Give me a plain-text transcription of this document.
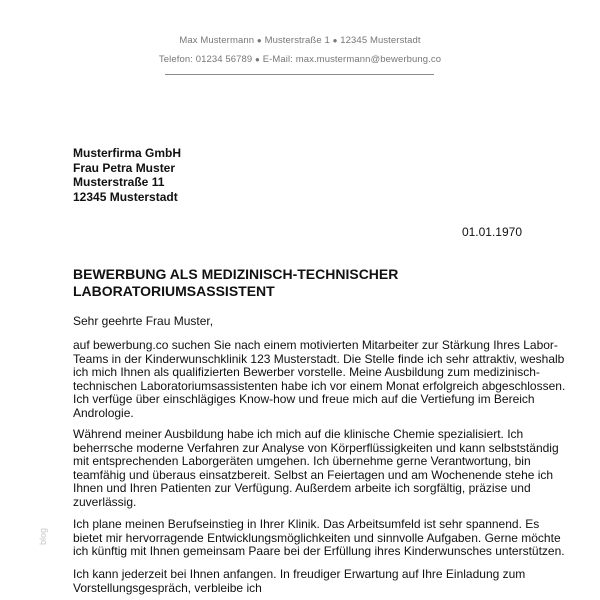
Max Mustermann ● Musterstraße 1 ● 12345 Musterstadt
Telefon: 01234 56789 ● E-Mail: max.mustermann@bewerbung.co
Musterfirma GmbH
Frau Petra Muster
Musterstraße 11
12345 Musterstadt
01.01.1970
BEWERBUNG ALS MEDIZINISCH-TECHNISCHER
LABORATORIUMSASSISTENT
Sehr geehrte Frau Muster,
auf bewerbung.co suchen Sie nach einem motivierten Mitarbeiter zur Stärkung Ihres Labor-
Teams in der Kinderwunschklinik 123 Musterstadt. Die Stelle finde ich sehr attraktiv, weshalb
ich mich Ihnen als qualifizierten Bewerber vorstelle. Meine Ausbildung zum medizinisch-
technischen Laboratoriumsassistenten habe ich vor einem Monat erfolgreich abgeschlossen.
Ich verfüge über einschlägiges Know-how und freue mich auf die Vertiefung im Bereich
Andrologie.
Während meiner Ausbildung habe ich mich auf die klinische Chemie spezialisiert. Ich
beherrsche moderne Verfahren zur Analyse von Körperflüssigkeiten und kann selbstständig
mit entsprechenden Laborgeräten umgehen. Ich übernehme gerne Verantwortung, bin
teamfähig und überaus einsatzbereit. Selbst an Feiertagen und am Wochenende stehe ich
Ihnen und Ihren Patienten zur Verfügung. Außerdem arbeite ich sorgfältig, präzise und
zuverlässig.
Ich plane meinen Berufseinstieg in Ihrer Klinik. Das Arbeitsumfeld ist sehr spannend. Es
bietet mir hervorragende Entwicklungsmöglichkeiten und sinnvolle Aufgaben. Gerne möchte
ich künftig mit Ihnen gemeinsam Paare bei der Erfüllung ihres Kinderwunsches unterstützen.
Ich kann jederzeit bei Ihnen anfangen. In freudiger Erwartung auf Ihre Einladung zum
Vorstellungsgespräch, verbleibe ich
blog
